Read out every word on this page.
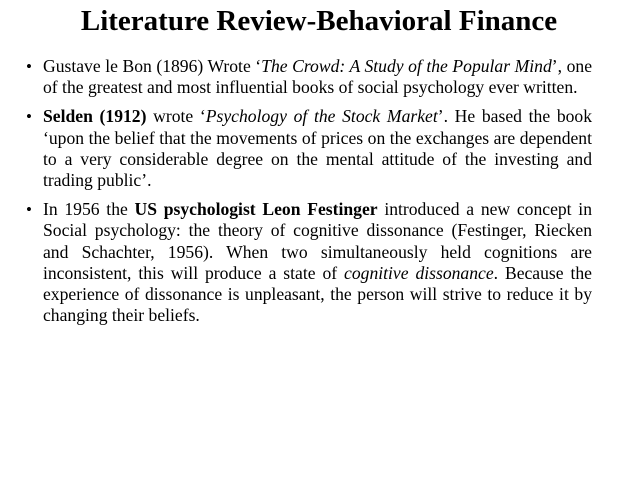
Literature Review-Behavioral Finance
• Gustave le Bon (1896) Wrote ‘The Crowd: A Study of the Popular Mind’, one of the greatest and most influential books of social psychology ever written.
• Selden (1912) wrote ‘Psychology of the Stock Market’. He based the book ‘upon the belief that the movements of prices on the exchanges are dependent to a very considerable degree on the mental attitude of the investing and trading public’.
• In 1956 the US psychologist Leon Festinger introduced a new concept in Social psychology: the theory of cognitive dissonance (Festinger, Riecken and Schachter, 1956). When two simultaneously held cognitions are inconsistent, this will produce a state of cognitive dissonance. Because the experience of dissonance is unpleasant, the person will strive to reduce it by changing their beliefs.
